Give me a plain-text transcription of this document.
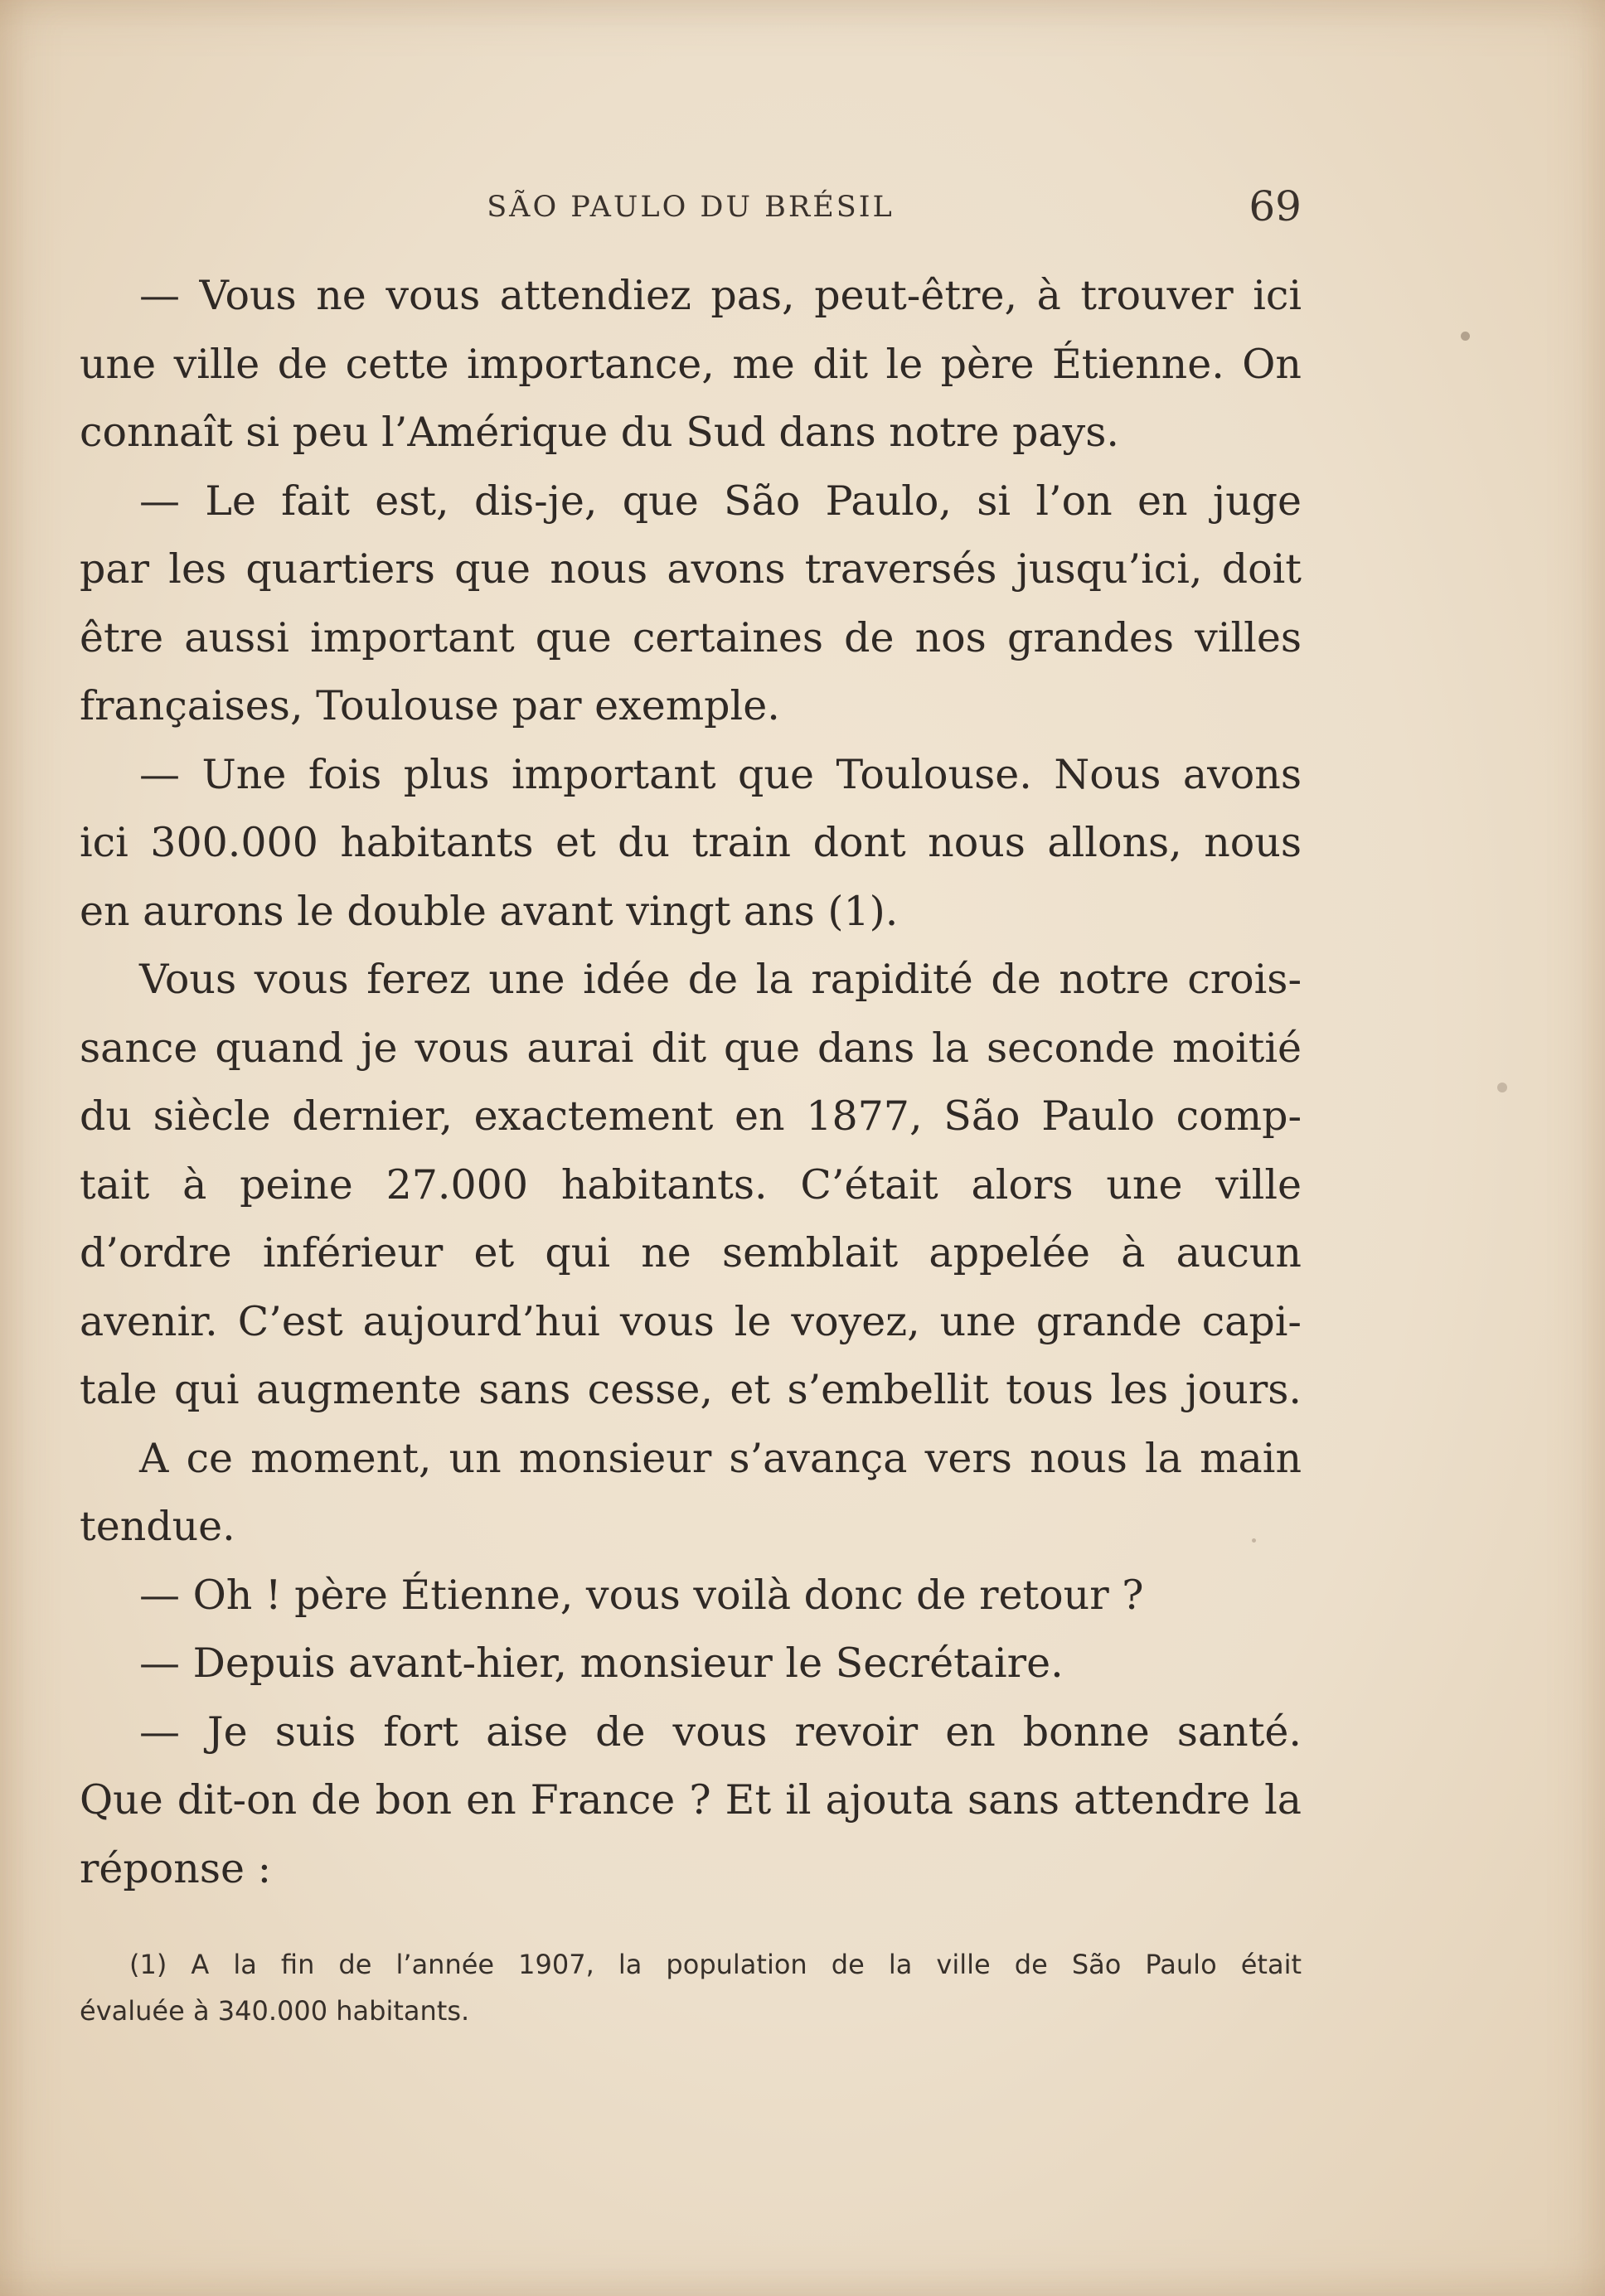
SÃO PAULO DU BRÉSIL	69
— Vous ne vous attendiez pas, peut-être, à trouver ici
une ville de cette importance, me dit le père Étienne. On
connaît si peu l’Amérique du Sud dans notre pays.
— Le fait est, dis-je, que São Paulo, si l’on en juge
par les quartiers que nous avons traversés jusqu’ici, doit
être aussi important que certaines de nos grandes villes
françaises, Toulouse par exemple.
— Une fois plus important que Toulouse. Nous avons
ici 300.000 habitants et du train dont nous allons, nous
en aurons le double avant vingt ans (1).
Vous vous ferez une idée de la rapidité de notre crois-
sance quand je vous aurai dit que dans la seconde moitié
du siècle dernier, exactement en 1877, São Paulo comp-
tait à peine 27.000 habitants. C’était alors une ville
d’ordre inférieur et qui ne semblait appelée à aucun
avenir. C’est aujourd’hui vous le voyez, une grande capi-
tale qui augmente sans cesse, et s’embellit tous les jours.
A ce moment, un monsieur s’avança vers nous la main
tendue.
— Oh ! père Étienne, vous voilà donc de retour ?
— Depuis avant-hier, monsieur le Secrétaire.
— Je suis fort aise de vous revoir en bonne santé.
Que dit-on de bon en France ? Et il ajouta sans attendre la
réponse :
(1) A la fin de l’année 1907, la population de la ville de São Paulo était
évaluée à 340.000 habitants.
